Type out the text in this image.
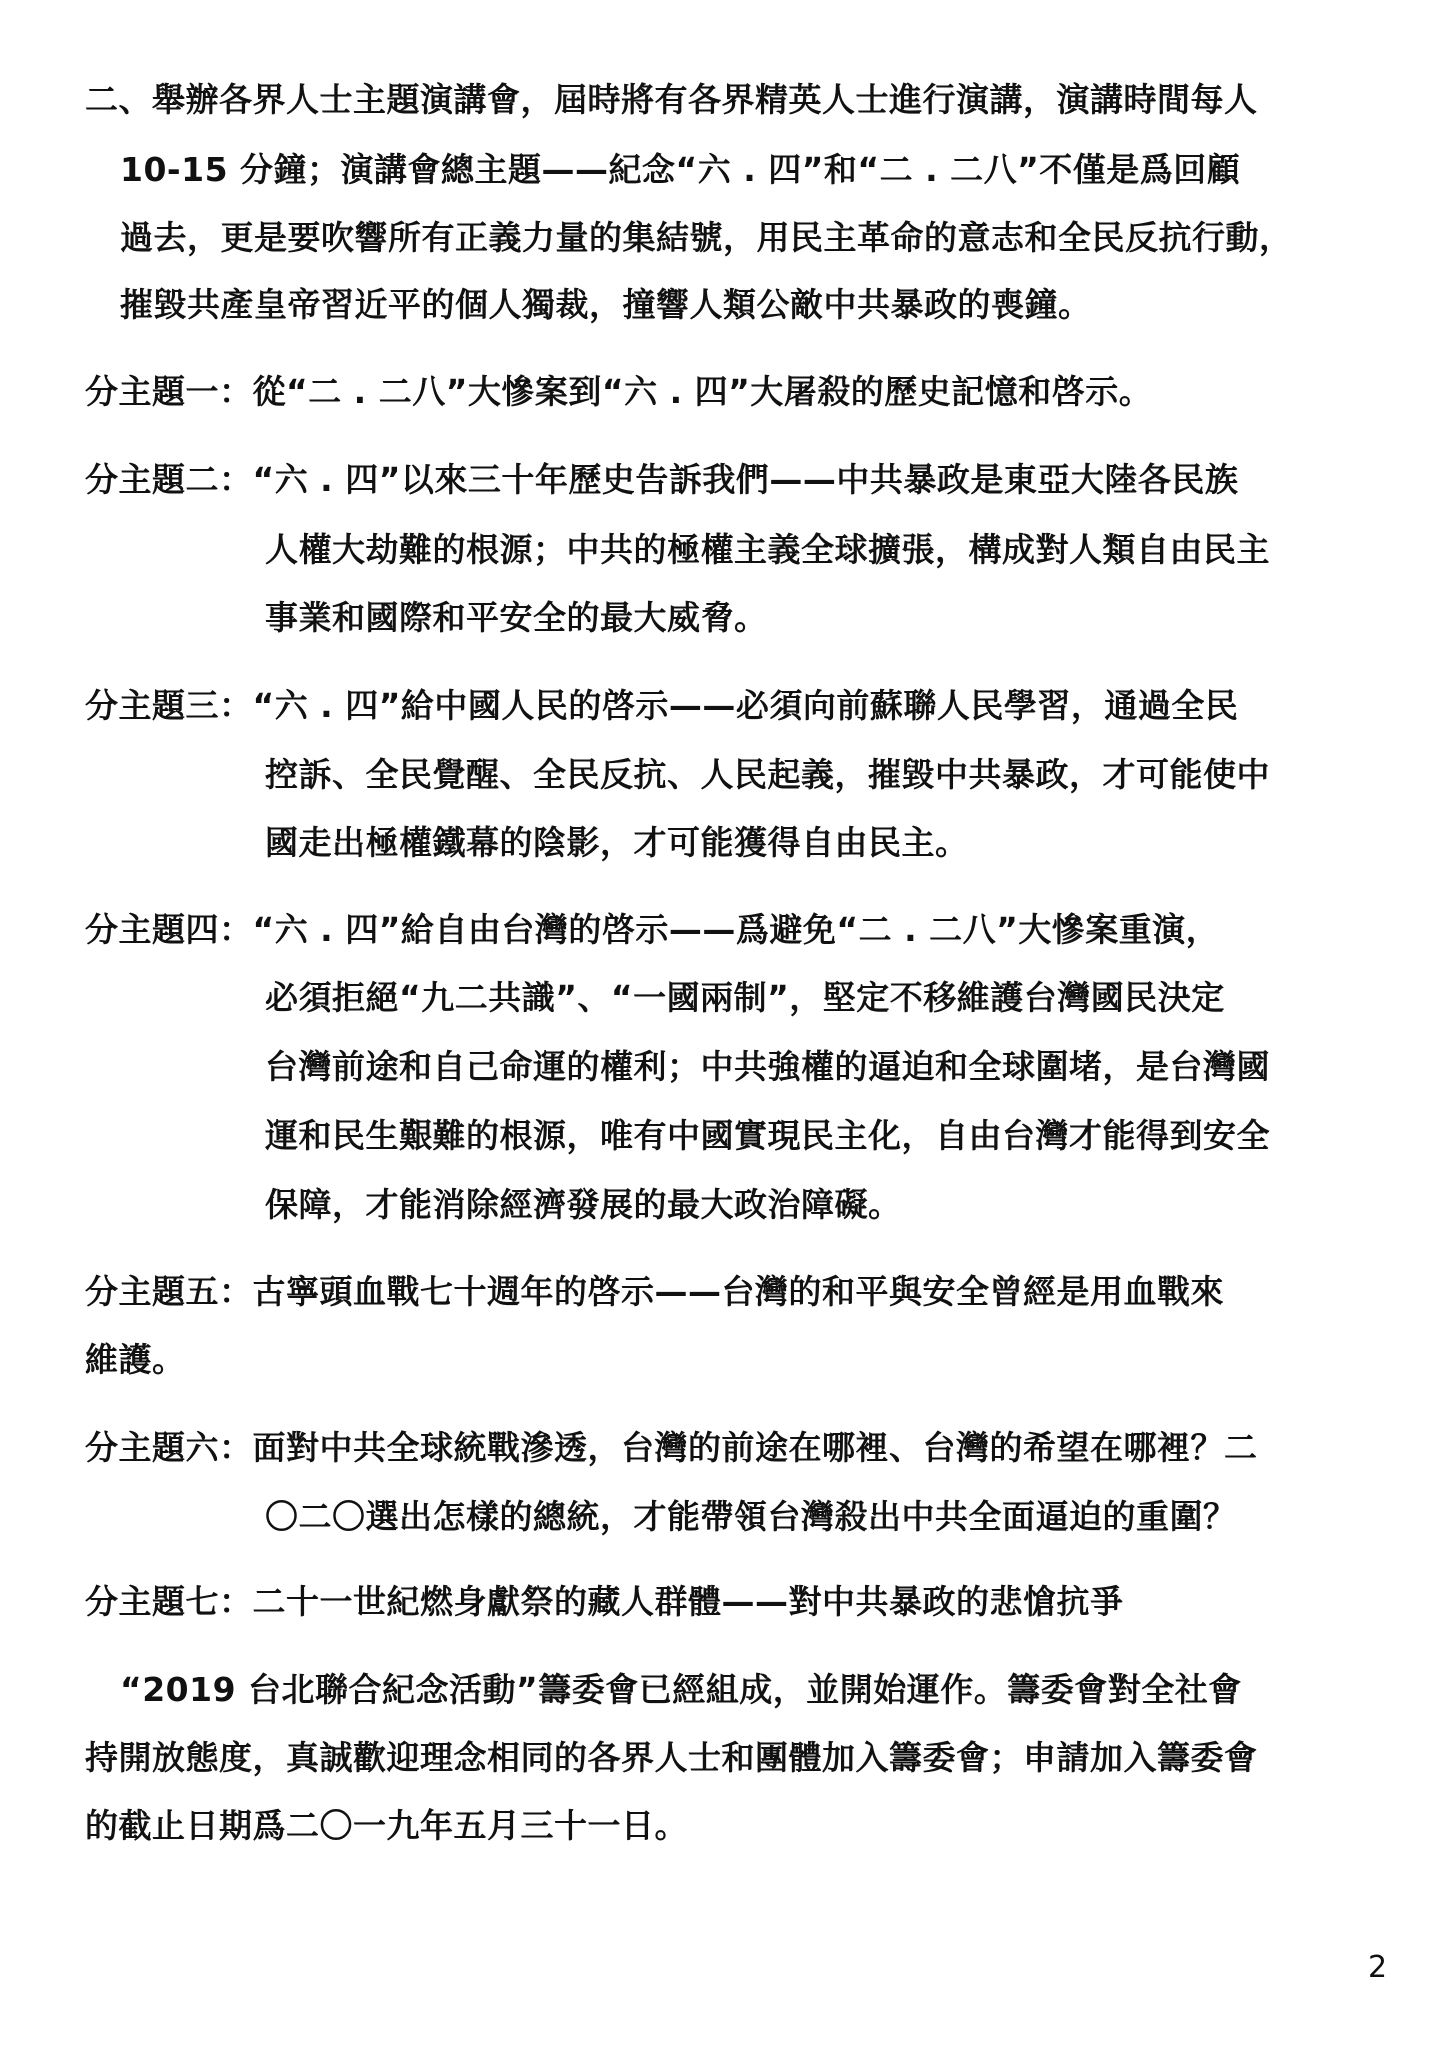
二、舉辦各界人士主題演講會，屆時將有各界精英人士進行演講，演講時間每人
10-15 分鐘；演講會總主題——紀念“六 . 四”和“二 . 二八”不僅是爲回顧
過去，更是要吹響所有正義力量的集結號，用民主革命的意志和全民反抗行動，
摧毀共產皇帝習近平的個人獨裁，撞響人類公敵中共暴政的喪鐘。
分主題一：從“二 . 二八”大慘案到“六 . 四”大屠殺的歷史記憶和啓示。
分主題二：“六 . 四”以來三十年歷史告訴我們——中共暴政是東亞大陸各民族
人權大劫難的根源；中共的極權主義全球擴張，構成對人類自由民主
事業和國際和平安全的最大威脅。
分主題三：“六 . 四”給中國人民的啓示——必須向前蘇聯人民學習，通過全民
控訴、全民覺醒、全民反抗、人民起義，摧毀中共暴政，才可能使中
國走出極權鐵幕的陰影，才可能獲得自由民主。
分主題四：“六 . 四”給自由台灣的啓示——爲避免“二 . 二八”大慘案重演，
必須拒絕“九二共識”、“一國兩制”，堅定不移維護台灣國民決定
台灣前途和自己命運的權利；中共強權的逼迫和全球圍堵，是台灣國
運和民生艱難的根源，唯有中國實現民主化，自由台灣才能得到安全
保障，才能消除經濟發展的最大政治障礙。
分主題五：古寧頭血戰七十週年的啓示——台灣的和平與安全曾經是用血戰來
維護。
分主題六：面對中共全球統戰滲透，台灣的前途在哪裡、台灣的希望在哪裡？二
〇二〇選出怎樣的總統，才能帶領台灣殺出中共全面逼迫的重圍？
分主題七：二十一世紀燃身獻祭的藏人群體——對中共暴政的悲愴抗爭
“2019 台北聯合紀念活動”籌委會已經組成，並開始運作。籌委會對全社會
持開放態度，真誠歡迎理念相同的各界人士和團體加入籌委會；申請加入籌委會
的截止日期爲二〇一九年五月三十一日。
2
